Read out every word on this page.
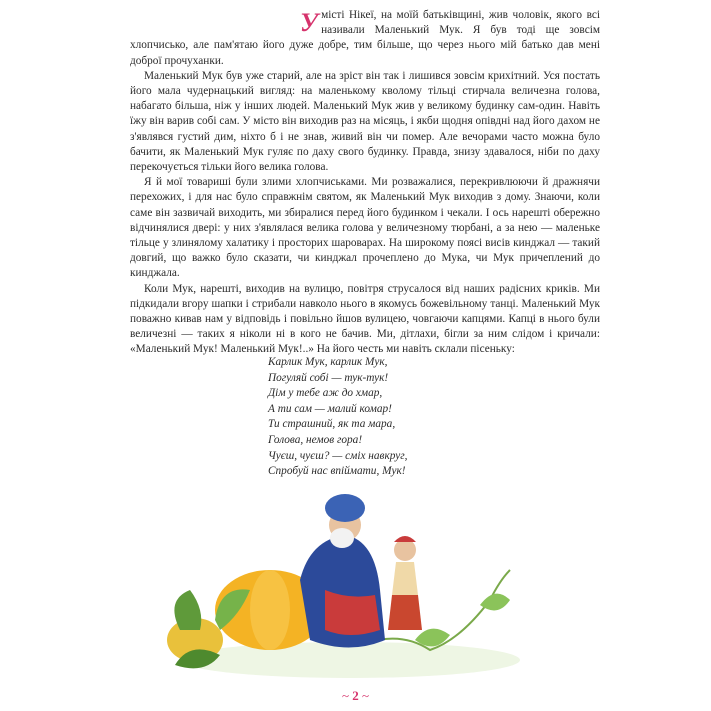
Умісті Нікеї, на моїй батьківщині, жив чоловік, якого всі називали Маленький Мук. Я був тоді ще зовсім хлопчисько, але пам'ятаю його дуже добре, тим більше, що через нього мій батько дав мені доброї прочуханки.

Маленький Мук був уже старий, але на зріст він так і лишився зовсім крихітний. Уся постать його мала чудернацький вигляд: на маленькому кволому тільці стирчала величезна голова, набагато більша, ніж у інших людей. Маленький Мук жив у великому будинку сам-один. Навіть їжу він варив собі сам. У місто він виходив раз на місяць, і якби щодня опівдні над його дахом не з'являвся густий дим, ніхто б і не знав, живий він чи помер. Але вечорами часто можна було бачити, як Маленький Мук гуляє по даху свого будинку. Правда, знизу здавалося, ніби по даху перекочується тільки його велика голова.

Я й мої товариші були злими хлопчиськами. Ми розважалися, перекривлюючи й дражнячи перехожих, і для нас було справжнім святом, як Маленький Мук виходив з дому. Знаючи, коли саме він зазвичай виходить, ми збиралися перед його будинком і чекали. І ось нарешті обережно відчинялися двері: у них з'являлася велика голова у величезному тюрбані, а за нею — маленьке тільце у злинялому халатику і просторих шароварах. На широкому поясі висів кинджал — такий довгий, що важко було сказати, чи кинджал прочеплено до Мука, чи Мук причеплений до кинджала.

Коли Мук, нарешті, виходив на вулицю, повітря струсалося від наших радісних криків. Ми підкидали вгору шапки і стрибали навколо нього в якомусь божевільному танці. Маленький Мук поважно кивав нам у відповідь і повільно йшов вулицею, човгаючи капцями. Капці в нього були величезні — таких я ніколи ні в кого не бачив. Ми, дітлахи, бігли за ним слідом і кричали: «Маленький Мук! Маленький Мук!..» На його честь ми навіть склали пісеньку:

Карлик Мук, карлик Мук,
Погуляй собі — тук-тук!
Дім у тебе аж до хмар,
А ти сам — малий комар!
Ти страшний, як та мара,
Голова, немов гора!
Чуєш, чуєш? — сміх навкруг,
Спробуй нас впіймати, Мук!
~ 2 ~
